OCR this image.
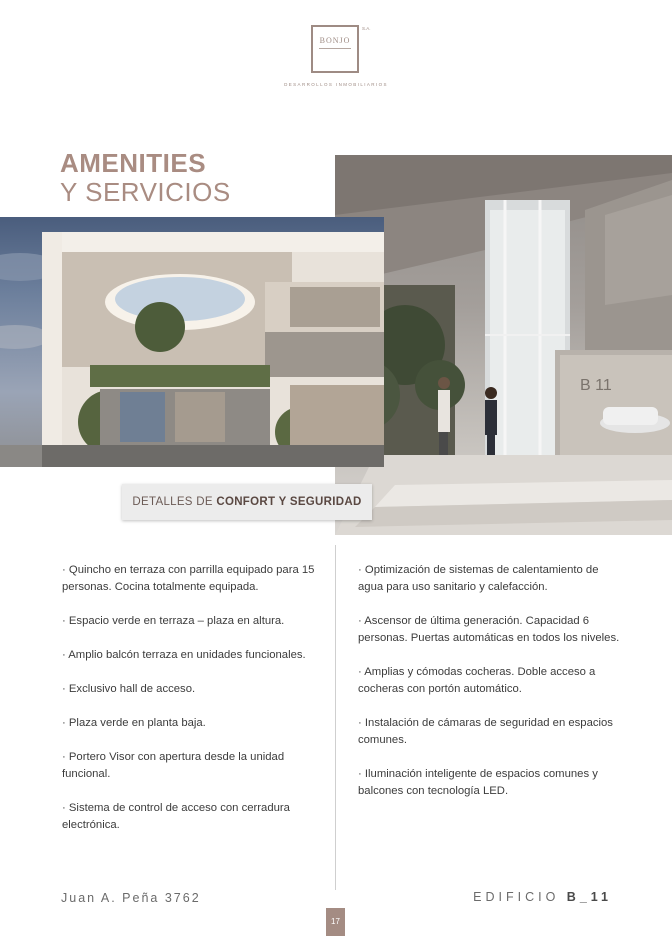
BONJO
S.A.
DESARROLLOS INMOBILIARIOS
B 11
AMENITIES
Y SERVICIOS
DETALLES DE CONFORT Y SEGURIDAD

· Quincho en terraza con parrilla equipado para 15 personas. Cocina totalmente equipada.

· Espacio verde en terraza – plaza en altura.

· Amplio balcón terraza en unidades funcionales.

· Exclusivo hall de acceso.

· Plaza verde en planta baja.

· Portero Visor con apertura desde la unidad funcional.

· Sistema de control de acceso con cerradura electrónica.

· Optimización de sistemas de calentamiento de agua para uso sanitario y calefacción.

· Ascensor de última generación. Capacidad 6 personas. Puertas automáticas en todos los niveles.

· Amplias y cómodas cocheras. Doble acceso a cocheras con portón automático.

· Instalación de cámaras de seguridad en espacios comunes.

· Iluminación inteligente de espacios comunes y balcones con tecnología LED.

Juan A. Peña 3762	EDIFICIO B_11
17
